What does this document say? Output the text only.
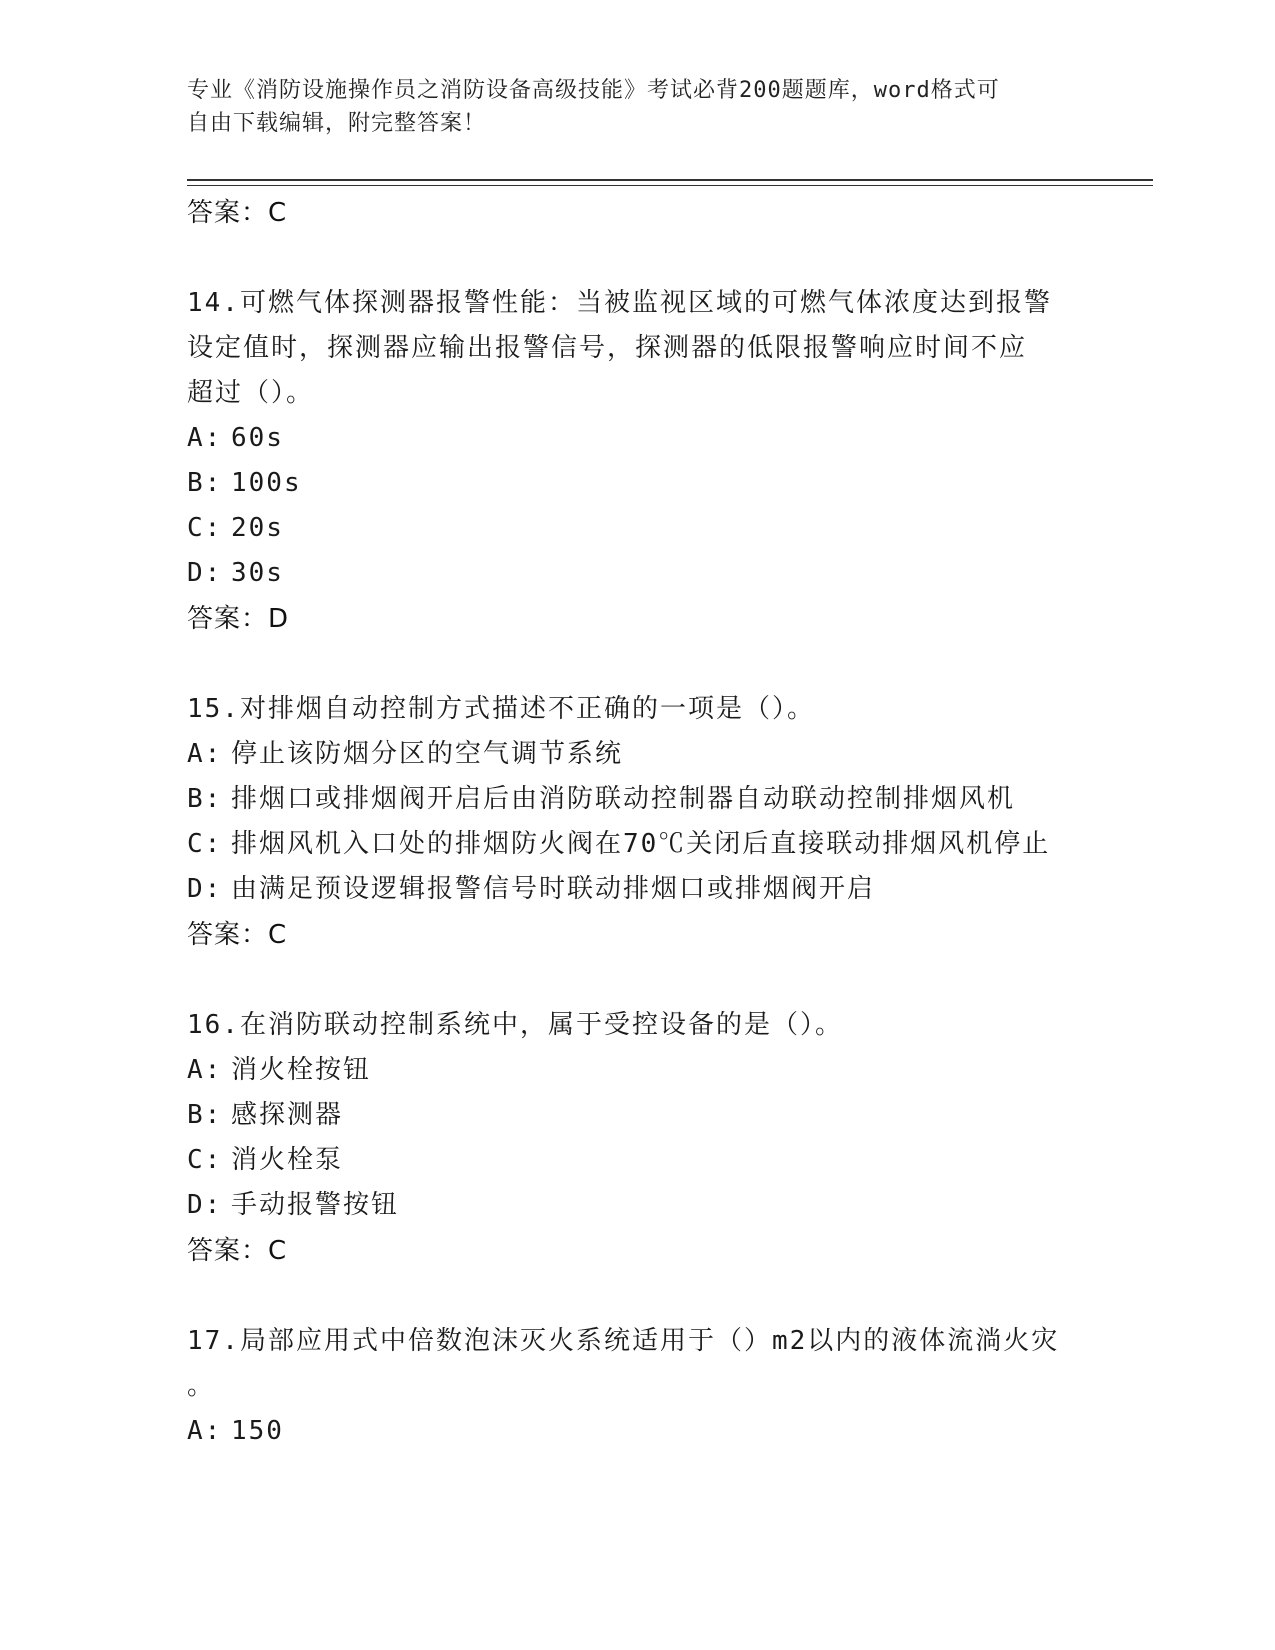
专业《消防设施操作员之消防设备高级技能》考试必背200题题库，word格式可
自由下载编辑，附完整答案！
答案：C
14.可燃气体探测器报警性能：当被监视区域的可燃气体浓度达到报警
设定值时，探测器应输出报警信号，探测器的低限报警响应时间不应
超过（）。
A: 60s
B: 100s
C: 20s
D: 30s
答案：D
15.对排烟自动控制方式描述不正确的一项是（）。
A: 停止该防烟分区的空气调节系统
B: 排烟口或排烟阀开启后由消防联动控制器自动联动控制排烟风机
C: 排烟风机入口处的排烟防火阀在70℃关闭后直接联动排烟风机停止
D: 由满足预设逻辑报警信号时联动排烟口或排烟阀开启
答案：C
16.在消防联动控制系统中，属于受控设备的是（）。
A: 消火栓按钮
B: 感探测器
C: 消火栓泵
D: 手动报警按钮
答案：C
17.局部应用式中倍数泡沫灭火系统适用于（）m2以内的液体流淌火灾
。
A: 150
